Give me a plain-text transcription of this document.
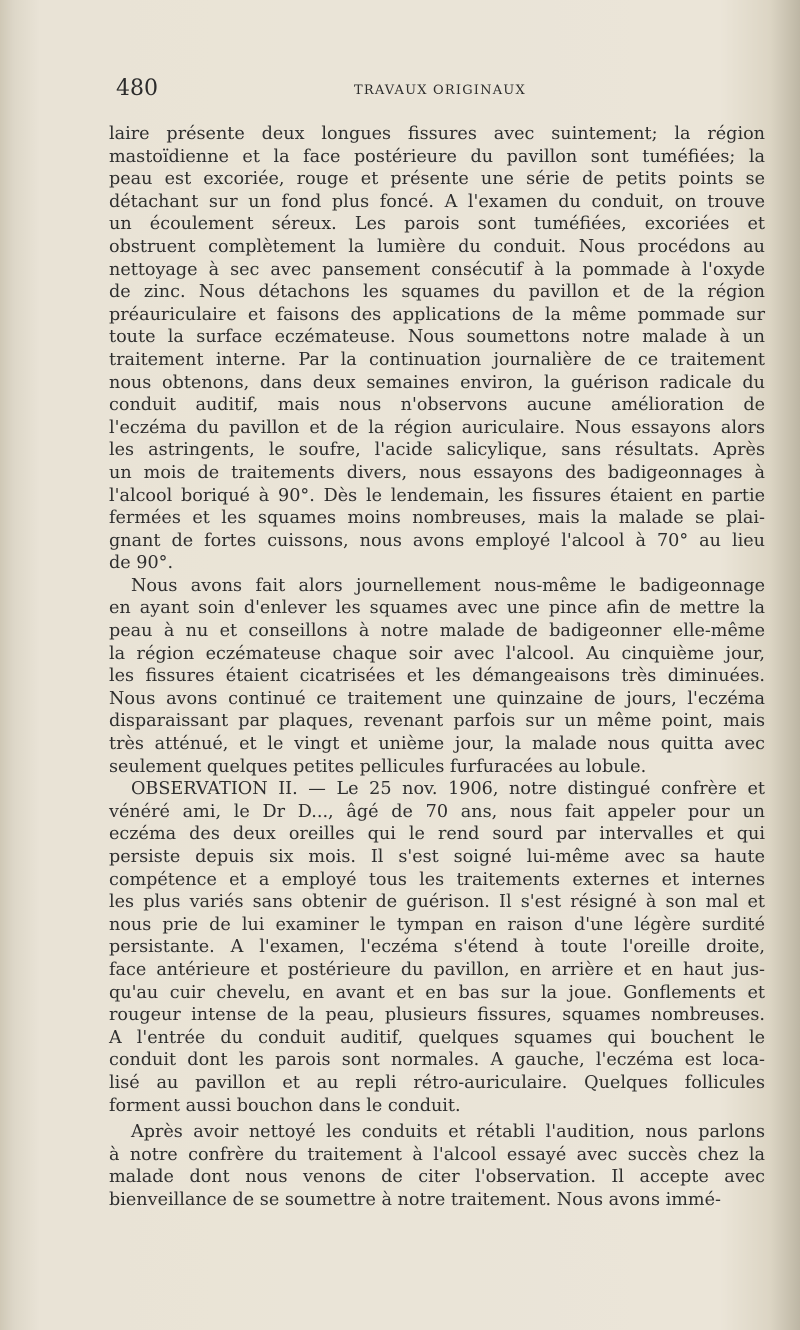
480	TRAVAUX ORIGINAUX
laire présente deux longues fissures avec suintement; la région
mastoïdienne et la face postérieure du pavillon sont tuméfiées; la
peau est excoriée, rouge et présente une série de petits points se
détachant sur un fond plus foncé. A l'examen du conduit, on trouve
un écoulement séreux. Les parois sont tuméfiées, excoriées et
obstruent complètement la lumière du conduit. Nous procédons au
nettoyage à sec avec pansement consécutif à la pommade à l'oxyde
de zinc. Nous détachons les squames du pavillon et de la région
préauriculaire et faisons des applications de la même pommade sur
toute la surface eczémateuse. Nous soumettons notre malade à un
traitement interne. Par la continuation journalière de ce traitement
nous obtenons, dans deux semaines environ, la guérison radicale du
conduit auditif, mais nous n'observons aucune amélioration de
l'eczéma du pavillon et de la région auriculaire. Nous essayons alors
les astringents, le soufre, l'acide salicylique, sans résultats. Après
un mois de traitements divers, nous essayons des badigeonnages à
l'alcool boriqué à 90°. Dès le lendemain, les fissures étaient en partie
fermées et les squames moins nombreuses, mais la malade se plai-
gnant de fortes cuissons, nous avons employé l'alcool à 70° au lieu
de 90°.
Nous avons fait alors journellement nous-même le badigeonnage
en ayant soin d'enlever les squames avec une pince afin de mettre la
peau à nu et conseillons à notre malade de badigeonner elle-même
la région eczémateuse chaque soir avec l'alcool. Au cinquième jour,
les fissures étaient cicatrisées et les démangeaisons très diminuées.
Nous avons continué ce traitement une quinzaine de jours, l'eczéma
disparaissant par plaques, revenant parfois sur un même point, mais
très atténué, et le vingt et unième jour, la malade nous quitta avec
seulement quelques petites pellicules furfuracées au lobule.
OBSERVATION II. — Le 25 nov. 1906, notre distingué confrère et
vénéré ami, le Dr D..., âgé de 70 ans, nous fait appeler pour un
eczéma des deux oreilles qui le rend sourd par intervalles et qui
persiste depuis six mois. Il s'est soigné lui-même avec sa haute
compétence et a employé tous les traitements externes et internes
les plus variés sans obtenir de guérison. Il s'est résigné à son mal et
nous prie de lui examiner le tympan en raison d'une légère surdité
persistante. A l'examen, l'eczéma s'étend à toute l'oreille droite,
face antérieure et postérieure du pavillon, en arrière et en haut jus-
qu'au cuir chevelu, en avant et en bas sur la joue. Gonflements et
rougeur intense de la peau, plusieurs fissures, squames nombreuses.
A l'entrée du conduit auditif, quelques squames qui bouchent le
conduit dont les parois sont normales. A gauche, l'eczéma est loca-
lisé au pavillon et au repli rétro-auriculaire. Quelques follicules
forment aussi bouchon dans le conduit.
Après avoir nettoyé les conduits et rétabli l'audition, nous parlons
à notre confrère du traitement à l'alcool essayé avec succès chez la
malade dont nous venons de citer l'observation. Il accepte avec
bienveillance de se soumettre à notre traitement. Nous avons immé-
